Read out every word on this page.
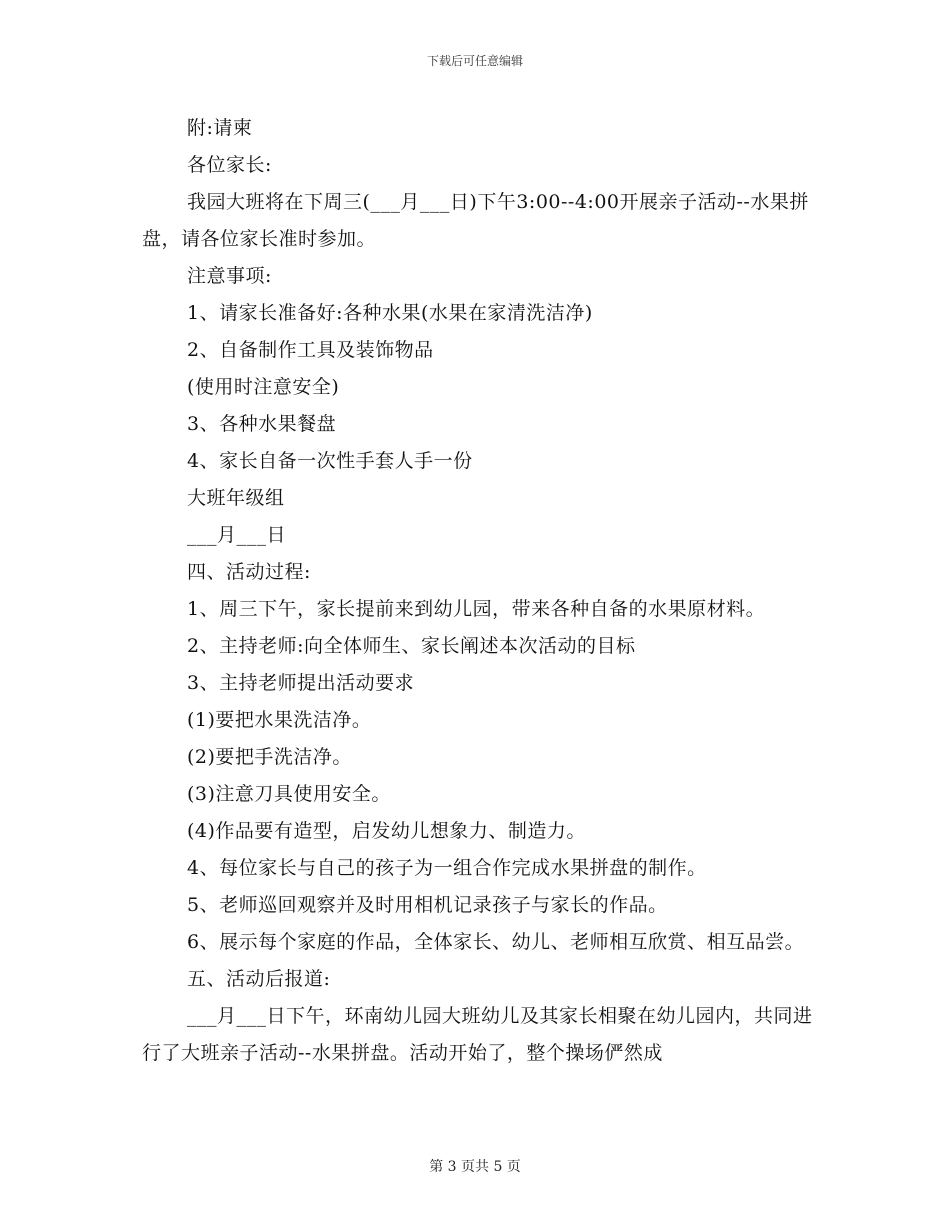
下载后可任意编辑

附:请柬

各位家长:

我园大班将在下周三(___月___日)下午3:00--4:00开展亲子活动--水果拼盘，请各位家长准时参加。

注意事项:

1、请家长准备好:各种水果(水果在家清洗洁净)

2、自备制作工具及装饰物品

(使用时注意安全)

3、各种水果餐盘

4、家长自备一次性手套人手一份

大班年级组

___月___日

四、活动过程:

1、周三下午，家长提前来到幼儿园，带来各种自备的水果原材料。

2、主持老师:向全体师生、家长阐述本次活动的目标

3、主持老师提出活动要求

(1)要把水果洗洁净。

(2)要把手洗洁净。

(3)注意刀具使用安全。

(4)作品要有造型，启发幼儿想象力、制造力。

4、每位家长与自己的孩子为一组合作完成水果拼盘的制作。

5、老师巡回观察并及时用相机记录孩子与家长的作品。

6、展示每个家庭的作品，全体家长、幼儿、老师相互欣赏、相互品尝。

五、活动后报道:

___月___日下午，环南幼儿园大班幼儿及其家长相聚在幼儿园内，共同进行了大班亲子活动--水果拼盘。活动开始了，整个操场俨然成

第 3 页共 5 页
